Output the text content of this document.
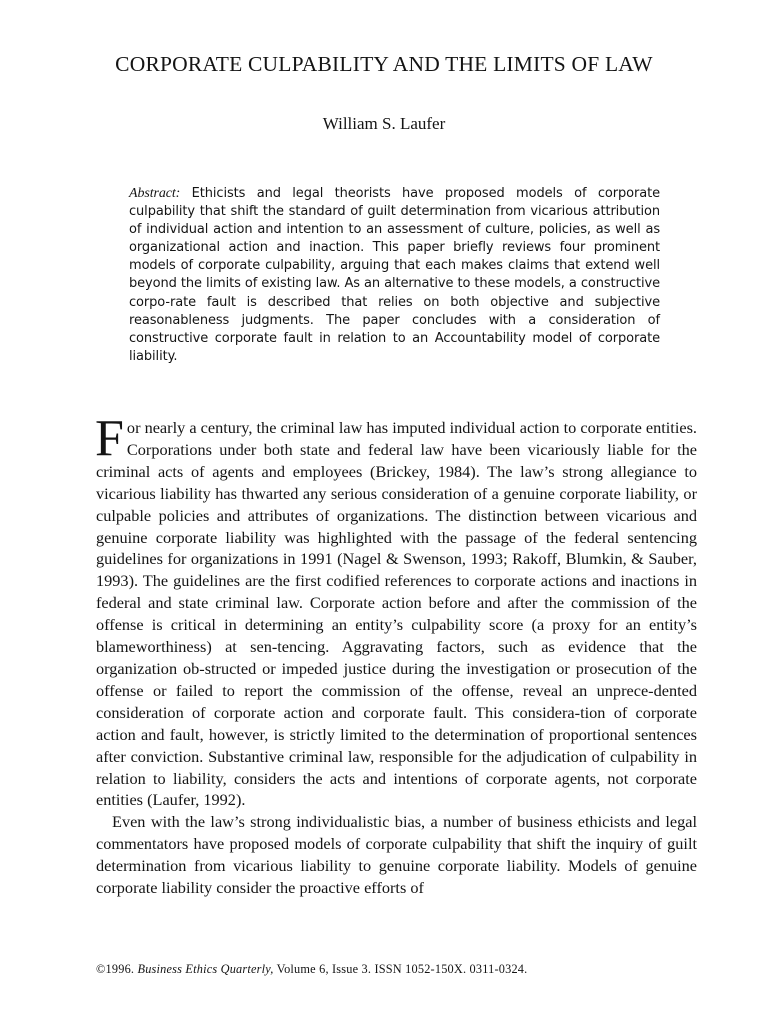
CORPORATE CULPABILITY AND THE LIMITS OF LAW
William S. Laufer
Abstract: Ethicists and legal theorists have proposed models of corporate culpability that shift the standard of guilt determination from vicarious attribution of individual action and intention to an assessment of culture, policies, as well as organizational action and inaction. This paper briefly reviews four prominent models of corporate culpability, arguing that each makes claims that extend well beyond the limits of existing law. As an alternative to these models, a constructive corpo-rate fault is described that relies on both objective and subjective reasonableness judgments. The paper concludes with a consideration of constructive corporate fault in relation to an Accountability model of corporate liability.

For nearly a century, the criminal law has imputed individual action to corporate entities. Corporations under both state and federal law have been vicariously liable for the criminal acts of agents and employees (Brickey, 1984). The law’s strong allegiance to vicarious liability has thwarted any serious consideration of a genuine corporate liability, or culpable policies and attributes of organizations. The distinction between vicarious and genuine corporate liability was highlighted with the passage of the federal sentencing guidelines for organizations in 1991 (Nagel & Swenson, 1993; Rakoff, Blumkin, & Sauber, 1993). The guidelines are the first codified references to corporate actions and inactions in federal and state criminal law. Corporate action before and after the commission of the offense is critical in determining an entity’s culpability score (a proxy for an entity’s blameworthiness) at sen-tencing. Aggravating factors, such as evidence that the organization ob-structed or impeded justice during the investigation or prosecution of the offense or failed to report the commission of the offense, reveal an unprece-dented consideration of corporate action and corporate fault. This considera-tion of corporate action and fault, however, is strictly limited to the determination of proportional sentences after conviction. Substantive criminal law, responsible for the adjudication of culpability in relation to liability, considers the acts and intentions of corporate agents, not corporate entities (Laufer, 1992).

Even with the law’s strong individualistic bias, a number of business ethicists and legal commentators have proposed models of corporate culpability that shift the inquiry of guilt determination from vicarious liability to genuine corporate liability. Models of genuine corporate liability consider the proactive efforts of

©1996. Business Ethics Quarterly, Volume 6, Issue 3. ISSN 1052-150X. 0311-0324.
